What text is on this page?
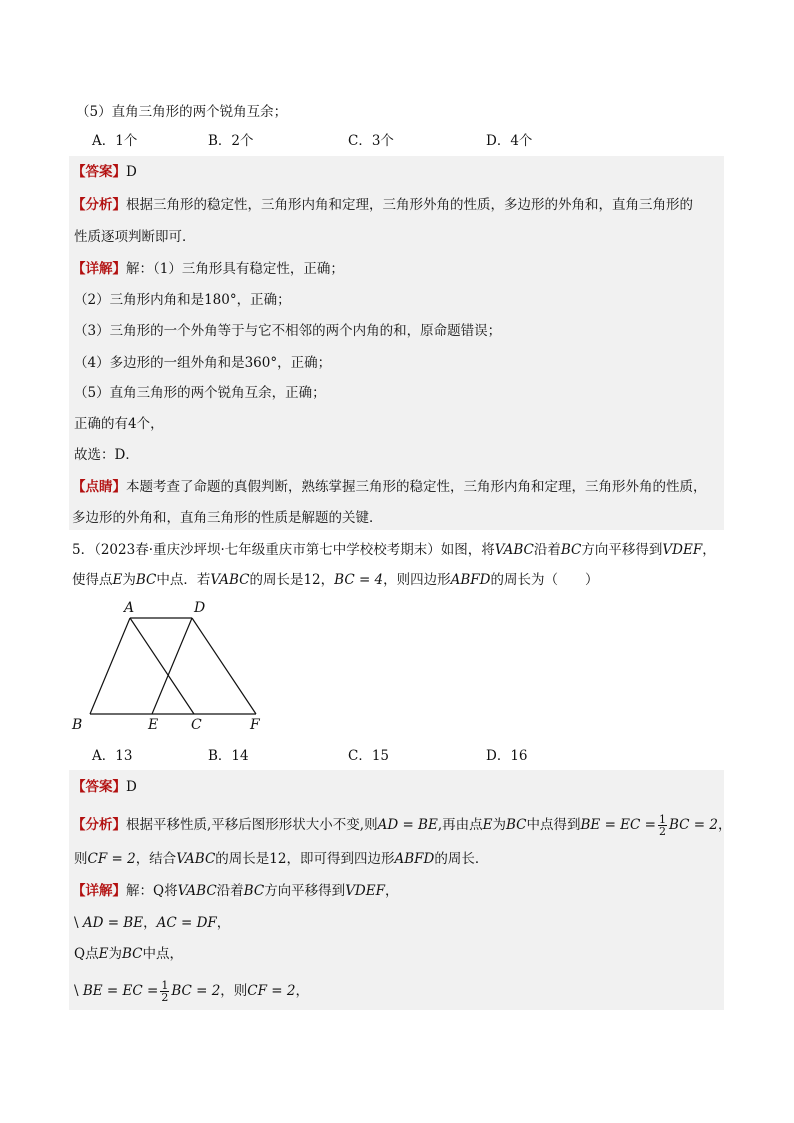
（5）直角三角形的两个锐角互余；
A．1个	B．2个	C．3个	D．4个
【答案】D
【分析】根据三角形的稳定性，三角形内角和定理，三角形外角的性质，多边形的外角和，直角三角形的
性质逐项判断即可．
【详解】解：（1）三角形具有稳定性，正确；
（2）三角形内角和是180°，正确；
（3）三角形的一个外角等于与它不相邻的两个内角的和，原命题错误；
（4）多边形的一组外角和是360°，正确；
（5）直角三角形的两个锐角互余，正确；
正确的有4个，
故选：D．
【点睛】本题考查了命题的真假判断，熟练掌握三角形的稳定性，三角形内角和定理，三角形外角的性质，
多边形的外角和，直角三角形的性质是解题的关键．
5．（2023春·重庆沙坪坝·七年级重庆市第七中学校校考期末）如图，将VABC沿着BC方向平移得到VDEF，
使得点E为BC中点．若VABC的周长是12，BC = 4，则四边形ABFD的周长为（　　）
A	D
B	E C	F
A．13	B．14	C．15	D．16
【答案】D
【分析】根据平移性质,平移后图形形状大小不变,则AD = BE,再由点E为BC中点得到BE = EC = $\frac{1}{2}$ BC = 2，
则CF = 2，结合VABC的周长是12，即可得到四边形ABFD的周长．
【详解】解：Q将VABC沿着BC方向平移得到VDEF，
\ AD = BE，AC = DF，
Q点E为BC中点，
\ BE = EC = $\frac{1}{2}$ BC = 2，则CF = 2，
